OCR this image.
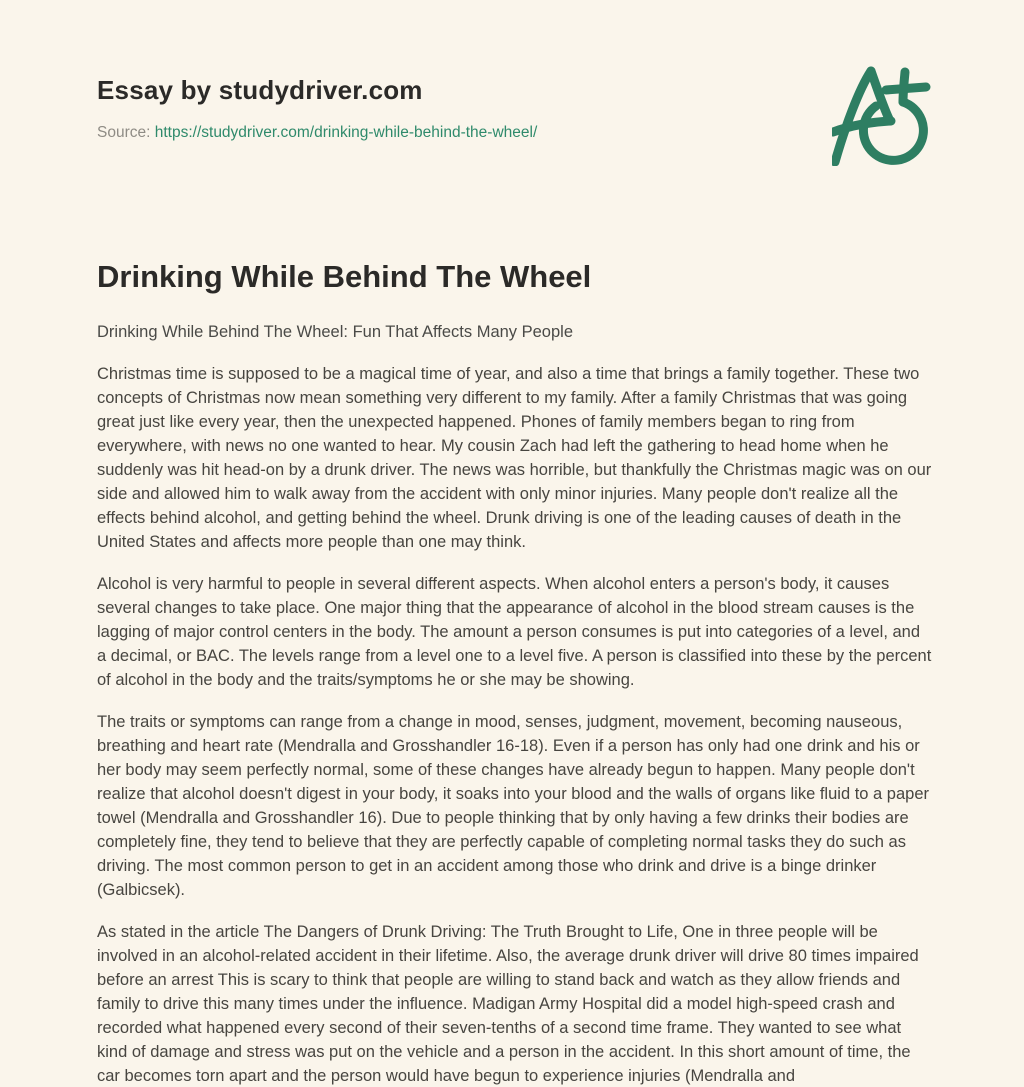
Essay by studydriver.com
Source: https://studydriver.com/drinking-while-behind-the-wheel/
Drinking While Behind The Wheel
Drinking While Behind The Wheel: Fun That Affects Many People

Christmas time is supposed to be a magical time of year, and also a time that brings a family together. These two concepts of Christmas now mean something very different to my family. After a family Christmas that was going great just like every year, then the unexpected happened. Phones of family members began to ring from everywhere, with news no one wanted to hear. My cousin Zach had left the gathering to head home when he suddenly was hit head-on by a drunk driver. The news was horrible, but thankfully the Christmas magic was on our side and allowed him to walk away from the accident with only minor injuries. Many people don't realize all the effects behind alcohol, and getting behind the wheel. Drunk driving is one of the leading causes of death in the United States and affects more people than one may think.

Alcohol is very harmful to people in several different aspects. When alcohol enters a person's body, it causes several changes to take place. One major thing that the appearance of alcohol in the blood stream causes is the lagging of major control centers in the body. The amount a person consumes is put into categories of a level, and a decimal, or BAC. The levels range from a level one to a level five. A person is classified into these by the percent of alcohol in the body and the traits/symptoms he or she may be showing.

The traits or symptoms can range from a change in mood, senses, judgment, movement, becoming nauseous, breathing and heart rate (Mendralla and Grosshandler 16-18). Even if a person has only had one drink and his or her body may seem perfectly normal, some of these changes have already begun to happen. Many people don't realize that alcohol doesn't digest in your body, it soaks into your blood and the walls of organs like fluid to a paper towel (Mendralla and Grosshandler 16). Due to people thinking that by only having a few drinks their bodies are completely fine, they tend to believe that they are perfectly capable of completing normal tasks they do such as driving. The most common person to get in an accident among those who drink and drive is a binge drinker (Galbicsek).

As stated in the article The Dangers of Drunk Driving: The Truth Brought to Life, One in three people will be involved in an alcohol-related accident in their lifetime. Also, the average drunk driver will drive 80 times impaired before an arrest This is scary to think that people are willing to stand back and watch as they allow friends and family to drive this many times under the influence. Madigan Army Hospital did a model high-speed crash and recorded what happened every second of their seven-tenths of a second time frame. They wanted to see what kind of damage and stress was put on the vehicle and a person in the accident. In this short amount of time, the car becomes torn apart and the person would have begun to experience injuries (Mendralla and
